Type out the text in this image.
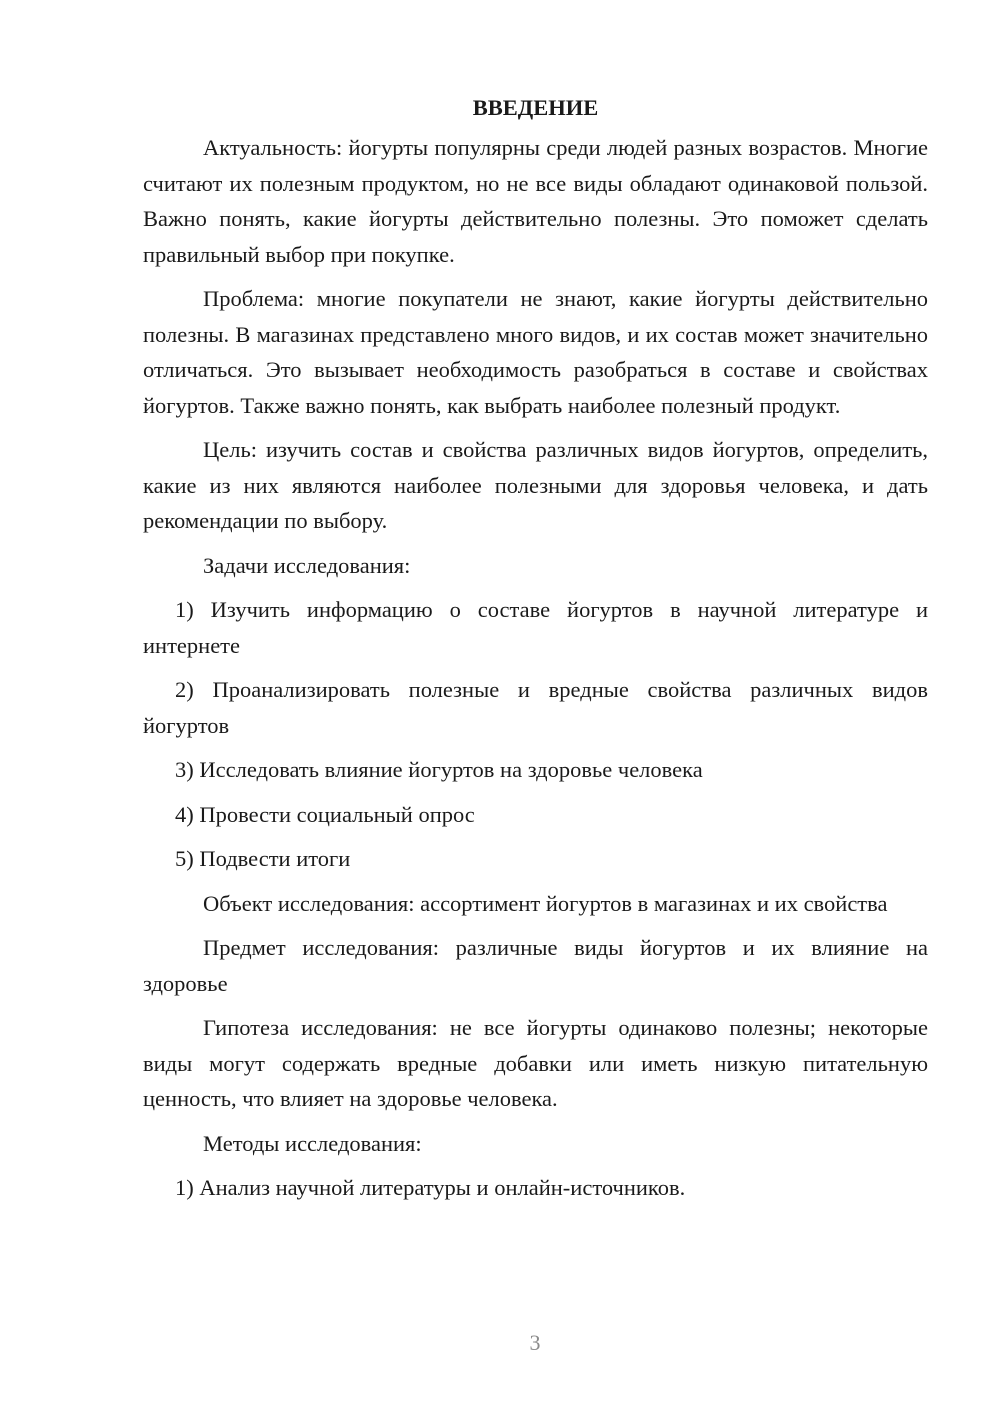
ВВЕДЕНИЕ
Актуальность: йогурты популярны среди людей разных возрастов. Многие считают их полезным продуктом, но не все виды обладают одинаковой пользой. Важно понять, какие йогурты действительно полезны. Это поможет сделать правильный выбор при покупке.
Проблема: многие покупатели не знают, какие йогурты действительно полезны. В магазинах представлено много видов, и их состав может значительно отличаться. Это вызывает необходимость разобраться в составе и свойствах йогуртов. Также важно понять, как выбрать наиболее полезный продукт.
Цель: изучить состав и свойства различных видов йогуртов, определить, какие из них являются наиболее полезными для здоровья человека, и дать рекомендации по выбору.
Задачи исследования:
1) Изучить информацию о составе йогуртов в научной литературе и интернете
2) Проанализировать полезные и вредные свойства различных видов йогуртов
3) Исследовать влияние йогуртов на здоровье человека
4) Провести социальный опрос
5) Подвести итоги
Объект исследования: ассортимент йогуртов в магазинах и их свойства
Предмет исследования: различные виды йогуртов и их влияние на здоровье
Гипотеза исследования: не все йогурты одинаково полезны; некоторые виды могут содержать вредные добавки или иметь низкую питательную ценность, что влияет на здоровье человека.
Методы исследования:
1) Анализ научной литературы и онлайн-источников.
3
